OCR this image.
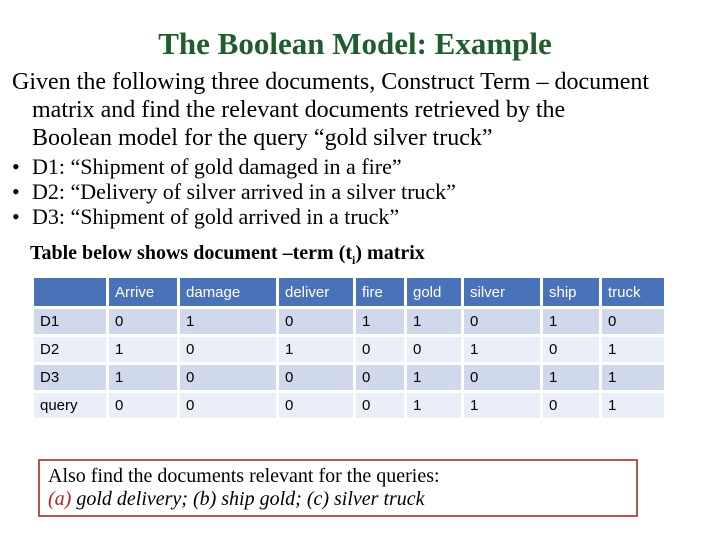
The Boolean Model: Example
Given the following three documents, Construct Term – document
matrix and find the relevant documents retrieved by the
Boolean model for the query “gold silver truck”
• D1: “Shipment of gold damaged in a fire”
• D2: “Delivery of silver arrived in a silver truck”
• D3: “Shipment of gold arrived in a truck”
Table below shows document –term $(t_i)$ matrix
	Arrive	damage	deliver	fire	gold	silver	ship	truck
D1	0	1	0	1	1	0	1	0
D2	1	0	1	0	0	1	0	1
D3	1	0	0	0	1	0	1	1
query	0	0	0	0	1	1	0	1
Also find the documents relevant for the queries:
(a) gold delivery; (b) ship gold; (c) silver truck
